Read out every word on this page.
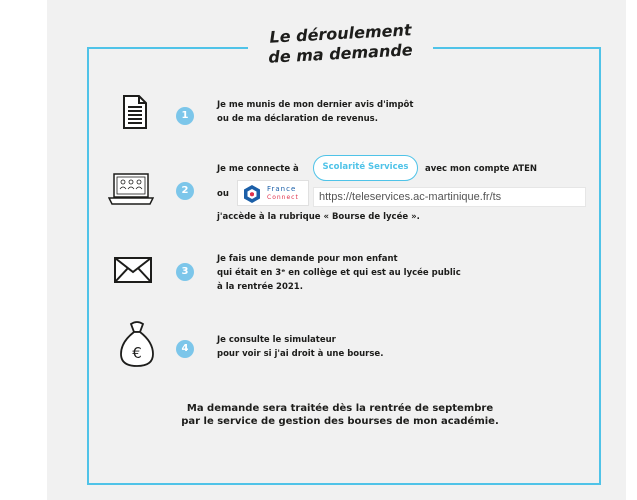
Le déroulement
de ma demande
1
Je me munis de mon dernier avis d'impôt
ou de ma déclaration de revenus.
2
Je me connecte à	Scolarité Services	avec mon compte ATEN
ou	France
Connect	https://teleservices.ac-martinique.fr/ts
j'accède à la rubrique « Bourse de lycée ».
3
Je fais une demande pour mon enfant
qui était en 3ᵉ en collège et qui est au lycée public
à la rentrée 2021.
€	4
Je consulte le simulateur
pour voir si j'ai droit à une bourse.
Ma demande sera traitée dès la rentrée de septembre
par le service de gestion des bourses de mon académie.
